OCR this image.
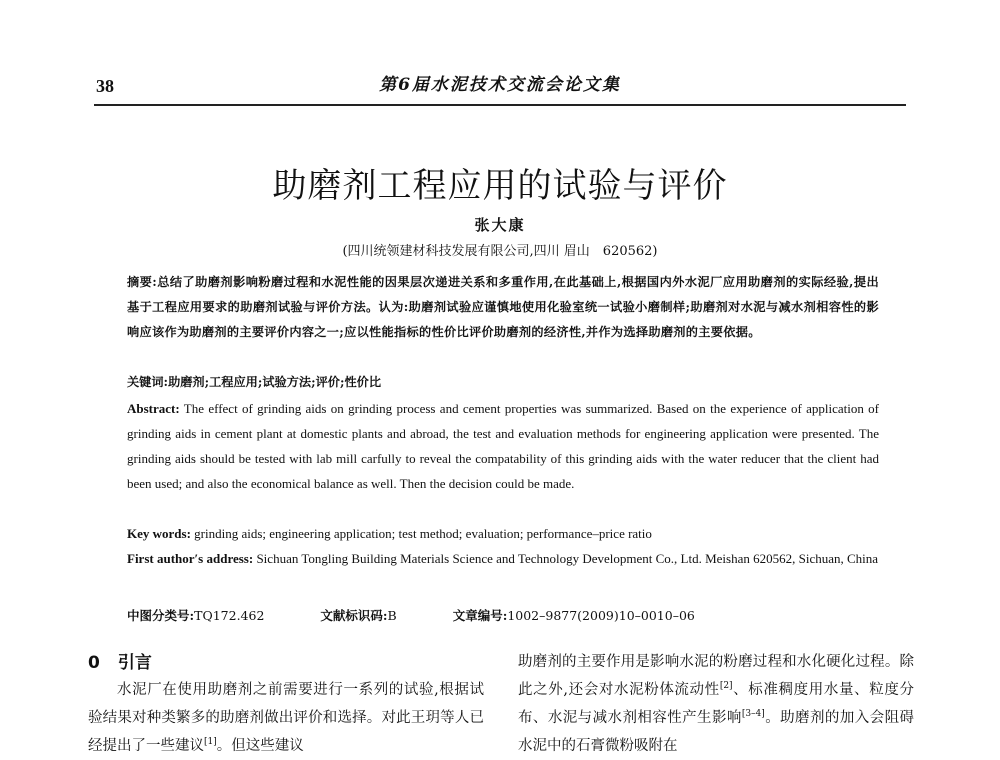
38	第6届水泥技术交流会论文集
助磨剂工程应用的试验与评价
张大康
(四川统领建材科技发展有限公司,四川 眉山　620562)
摘要:总结了助磨剂影响粉磨过程和水泥性能的因果层次递进关系和多重作用,在此基础上,根据国内外水泥厂应用助磨剂的实际经验,提出基于工程应用要求的助磨剂试验与评价方法。认为:助磨剂试验应谨慎地使用化验室统一试验小磨制样;助磨剂对水泥与减水剂相容性的影响应该作为助磨剂的主要评价内容之一;应以性能指标的性价比评价助磨剂的经济性,并作为选择助磨剂的主要依据。
关键词:助磨剂;工程应用;试验方法;评价;性价比
Abstract: The effect of grinding aids on grinding process and cement properties was summarized. Based on the experience of application of grinding aids in cement plant at domestic plants and abroad, the test and evaluation methods for engineering application were presented. The grinding aids should be tested with lab mill carfully to reveal the compatability of this grinding aids with the water reducer that the client had been used; and also the economical balance as well. Then the decision could be made.
Key words: grinding aids; engineering application; test method; evaluation; performance–price ratio
First author′s address: Sichuan Tongling Building Materials Science and Technology Development Co., Ltd. Meishan 620562, Sichuan, China
中图分类号:TQ172.462	文献标识码:B	文章编号:1002–9877(2009)10–0010–06
0 引言
水泥厂在使用助磨剂之前需要进行一系列的试验,根据试验结果对种类繁多的助磨剂做出评价和选择。对此王玥等人已经提出了一些建议[1]。但这些建议
助磨剂的主要作用是影响水泥的粉磨过程和水化硬化过程。除此之外,还会对水泥粉体流动性[2]、标准稠度用水量、粒度分布、水泥与减水剂相容性产生影响[3–4]。助磨剂的加入会阻碍水泥中的石膏微粉吸附在
